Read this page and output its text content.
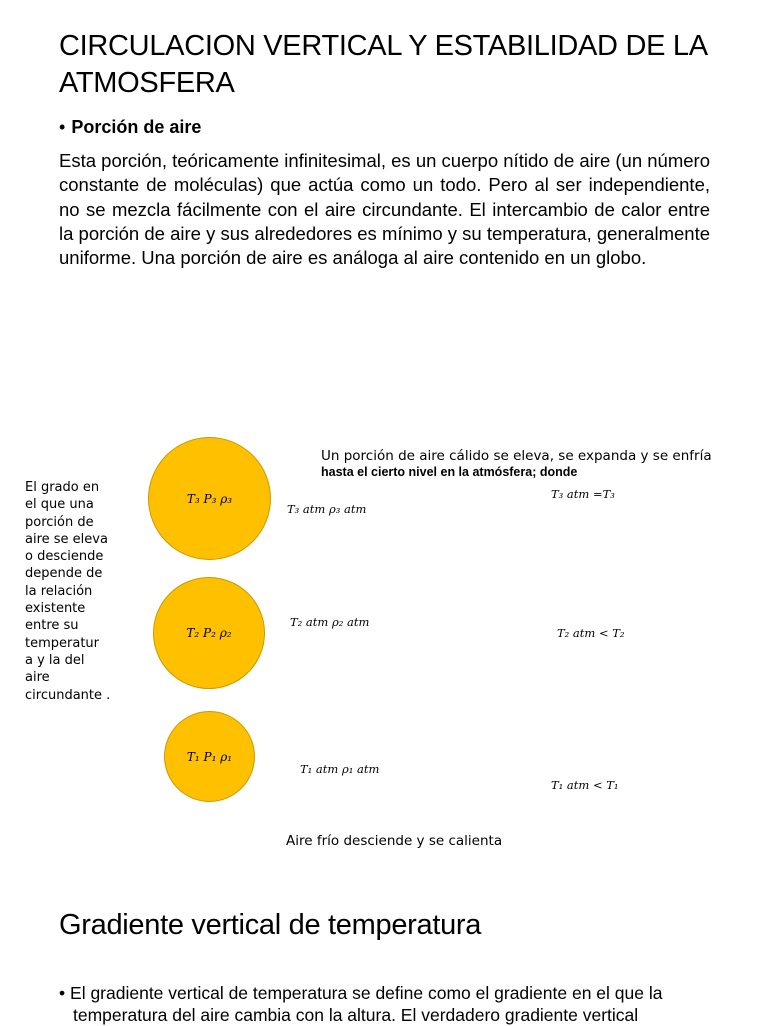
CIRCULACION VERTICAL Y ESTABILIDAD DE LA ATMOSFERA
• Porción de aire
Esta porción, teóricamente infinitesimal, es un cuerpo nítido de aire (un número constante de moléculas) que actúa como un todo. Pero al ser independiente, no se mezcla fácilmente con el aire circundante. El intercambio de calor entre la porción de aire y sus alrededores es mínimo y su temperatura, generalmente uniforme. Una porción de aire es análoga al aire contenido en un globo.
El grado en el que una porción de aire se eleva o desciende depende de la relación existente entre su temperatur a y la del aire circundante .
Un porción de aire cálido se eleva, se expanda y se enfría
hasta el cierto nivel en la atmósfera; donde
T₃ P₃ ρ₃
T₃ atm ρ₃ atm
T₃ atm =T₃
T₂ P₂ ρ₂
T₂ atm ρ₂ atm
T₂ atm < T₂
T₁ P₁ ρ₁
T₁ atm ρ₁ atm
T₁ atm < T₁
Aire frío desciende y se calienta
Gradiente vertical de temperatura
• El gradiente vertical de temperatura se define como el gradiente en el que la temperatura del aire cambia con la altura. El verdadero gradiente vertical
